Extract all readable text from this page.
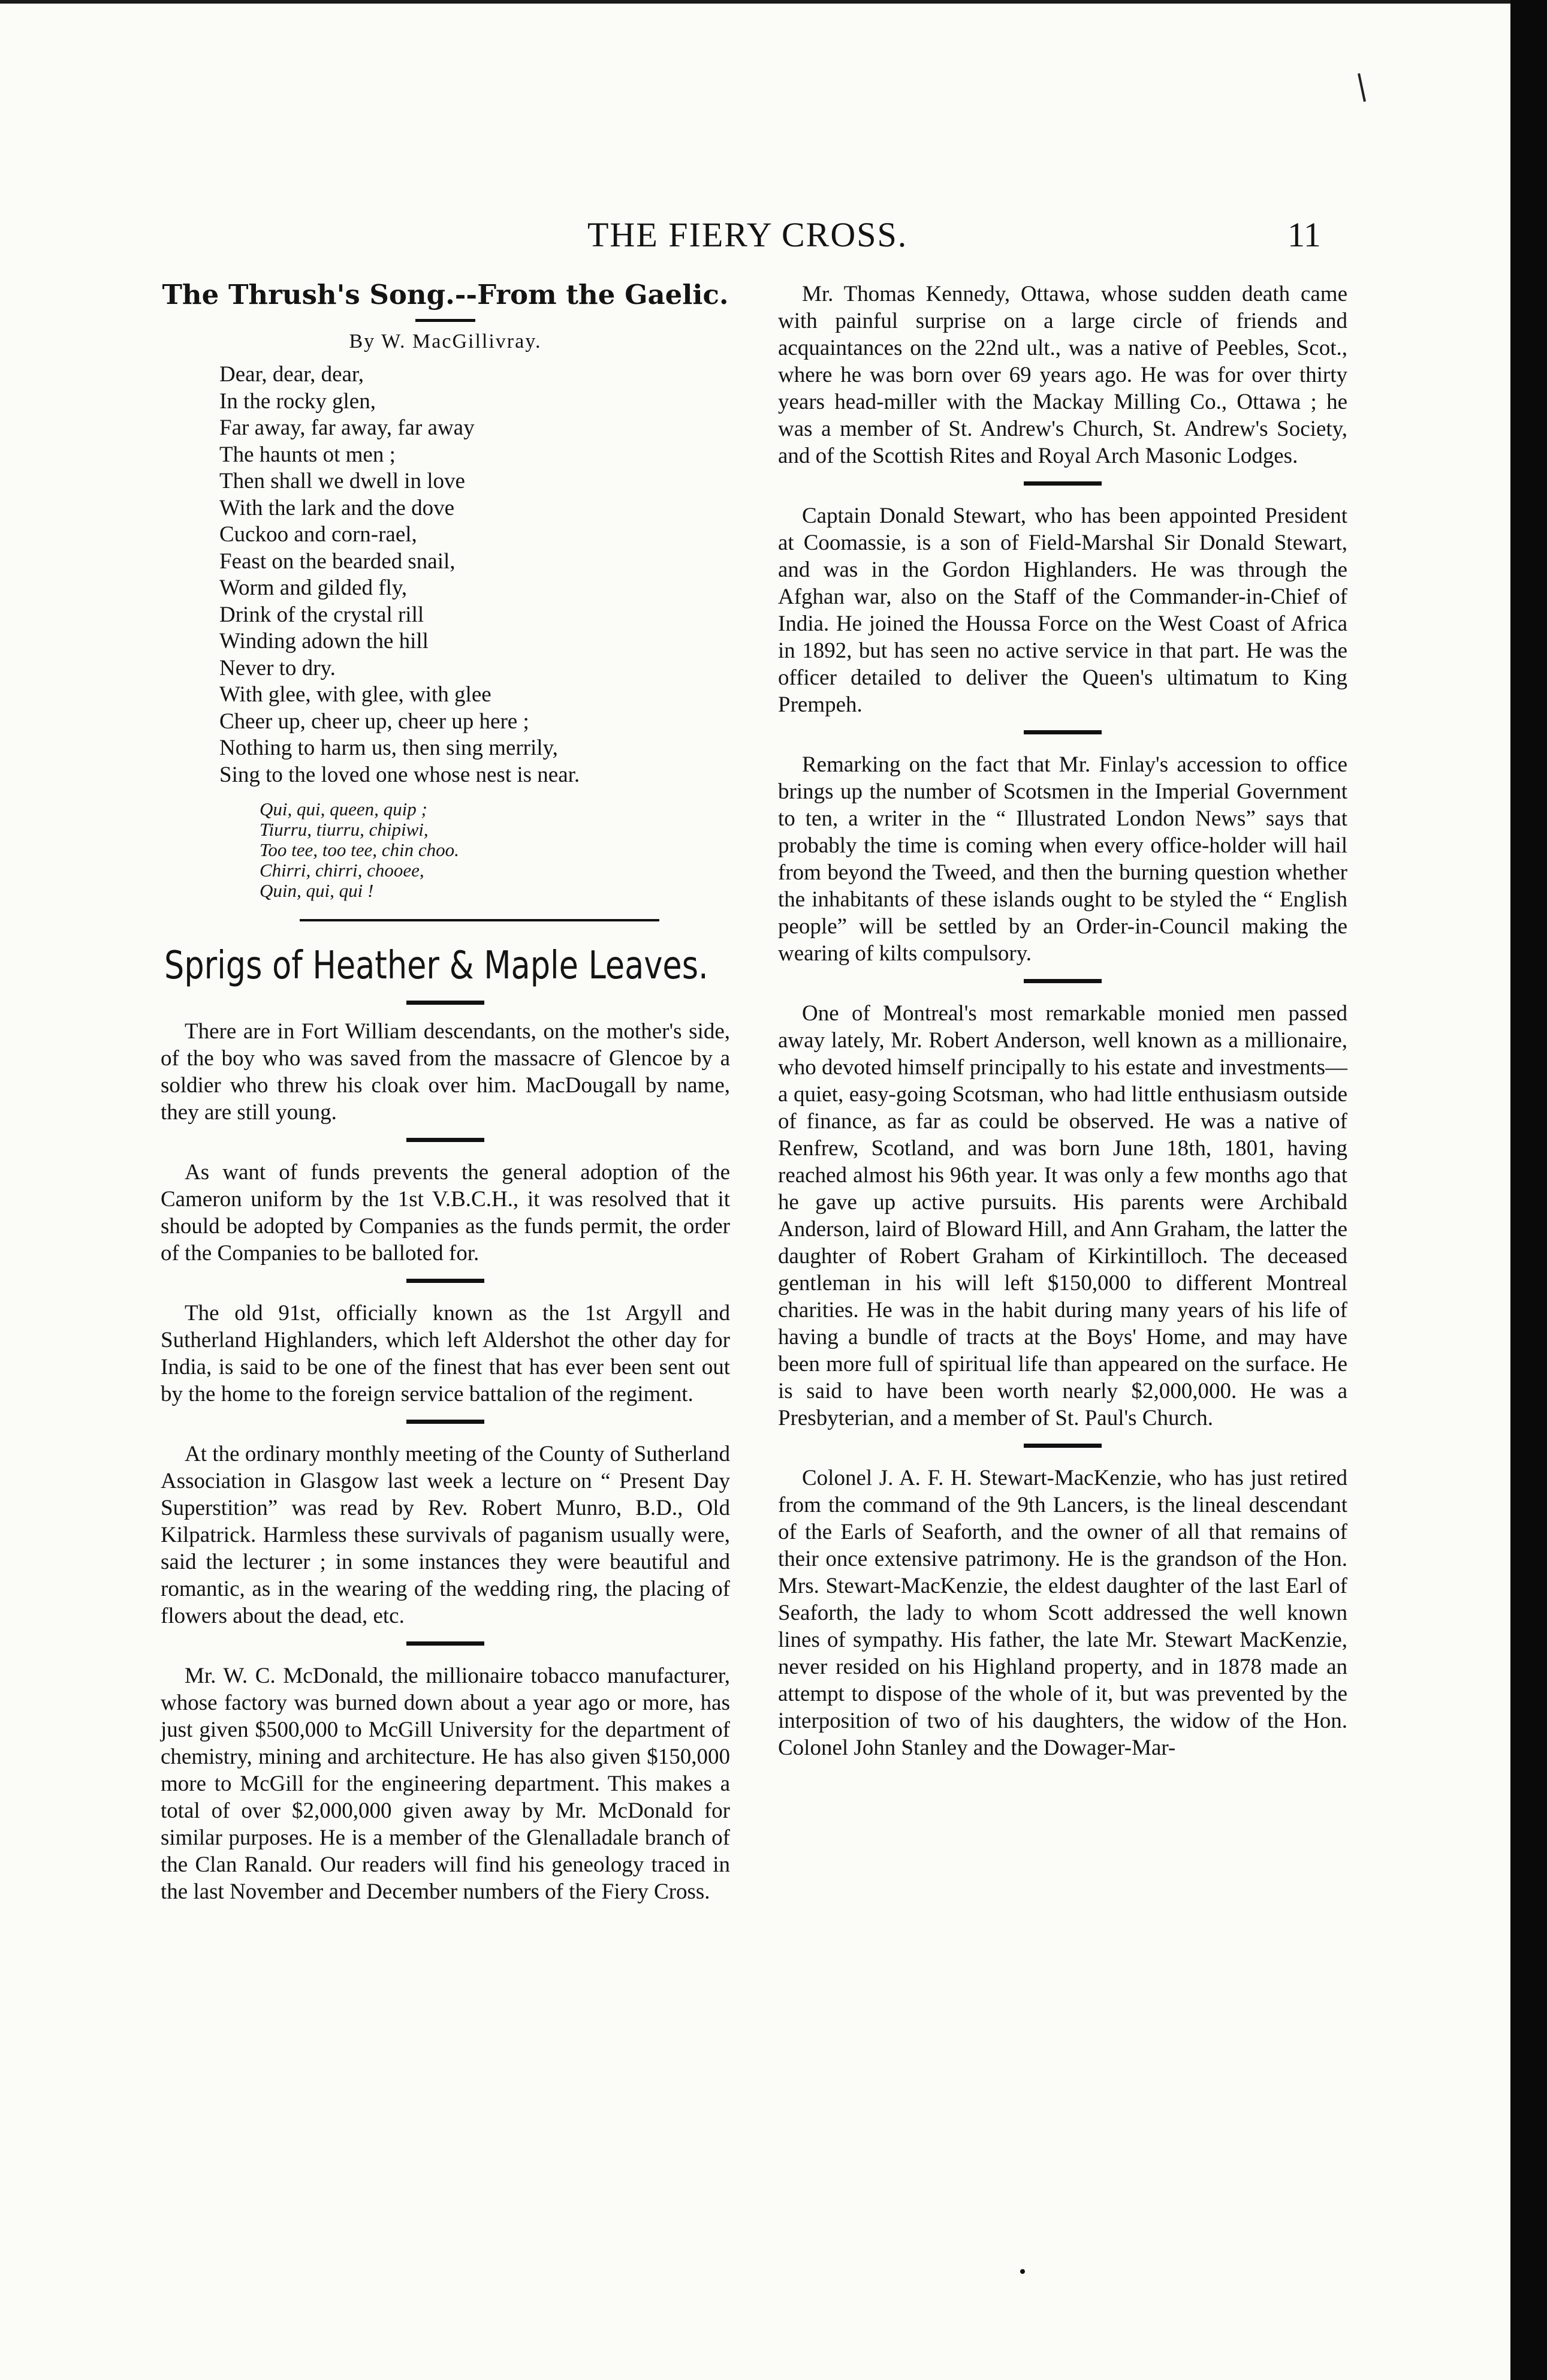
THE FIERY CROSS.	11
The Thrush's Song.--From the Gaelic.
By W. MacGillivray.
Dear, dear, dear,
In the rocky glen,
Far away, far away, far away
The haunts ot men ;
Then shall we dwell in love
With the lark and the dove
Cuckoo and corn-rael,
Feast on the bearded snail,
Worm and gilded fly,
Drink of the crystal rill
Winding adown the hill
Never to dry.
With glee, with glee, with glee
Cheer up, cheer up, cheer up here ;
Nothing to harm us, then sing merrily,
Sing to the loved one whose nest is near.
Qui, qui, queen, quip ;
Tiurru, tiurru, chipiwi,
Too tee, too tee, chin choo.
Chirri, chirri, chooee,
Quin, qui, qui !
Sprigs of Heather & Maple Leaves.

There are in Fort William descendants, on the mother's side, of the boy who was saved from the massacre of Glencoe by a soldier who threw his cloak over him. MacDougall by name, they are still young.

As want of funds prevents the general adoption of the Cameron uniform by the 1st V.B.C.H., it was resolved that it should be adopted by Companies as the funds permit, the order of the Companies to be balloted for.

The old 91st, officially known as the 1st Argyll and Sutherland Highlanders, which left Aldershot the other day for India, is said to be one of the finest that has ever been sent out by the home to the foreign service battalion of the regiment.

At the ordinary monthly meeting of the County of Sutherland Association in Glasgow last week a lecture on “ Present Day Superstition” was read by Rev. Robert Munro, B.D., Old Kilpatrick. Harmless these survivals of paganism usually were, said the lecturer ; in some instances they were beautiful and romantic, as in the wearing of the wedding ring, the placing of flowers about the dead, etc.

Mr. W. C. McDonald, the millionaire tobacco manufacturer, whose factory was burned down about a year ago or more, has just given $500,000 to McGill University for the department of chemistry, mining and architecture. He has also given $150,000 more to McGill for the engineering department. This makes a total of over $2,000,000 given away by Mr. McDonald for similar purposes. He is a member of the Glenalladale branch of the Clan Ranald. Our readers will find his geneology traced in the last November and December numbers of the Fiery Cross.

Mr. Thomas Kennedy, Ottawa, whose sudden death came with painful surprise on a large circle of friends and acquaintances on the 22nd ult., was a native of Peebles, Scot., where he was born over 69 years ago. He was for over thirty years head-miller with the Mackay Milling Co., Ottawa ; he was a member of St. Andrew's Church, St. Andrew's Society, and of the Scottish Rites and Royal Arch Masonic Lodges.

Captain Donald Stewart, who has been appointed President at Coomassie, is a son of Field-Marshal Sir Donald Stewart, and was in the Gordon Highlanders. He was through the Afghan war, also on the Staff of the Commander-in-Chief of India. He joined the Houssa Force on the West Coast of Africa in 1892, but has seen no active service in that part. He was the officer detailed to deliver the Queen's ultimatum to King Prempeh.

Remarking on the fact that Mr. Finlay's accession to office brings up the number of Scotsmen in the Imperial Government to ten, a writer in the “ Illustrated London News” says that probably the time is coming when every office-holder will hail from beyond the Tweed, and then the burning question whether the inhabitants of these islands ought to be styled the “ English people” will be settled by an Order-in-Council making the wearing of kilts compulsory.

One of Montreal's most remarkable monied men passed away lately, Mr. Robert Anderson, well known as a millionaire, who devoted himself principally to his estate and investments—a quiet, easy-going Scotsman, who had little enthusiasm outside of finance, as far as could be observed. He was a native of Renfrew, Scotland, and was born June 18th, 1801, having reached almost his 96th year. It was only a few months ago that he gave up active pursuits. His parents were Archibald Anderson, laird of Bloward Hill, and Ann Graham, the latter the daughter of Robert Graham of Kirkintilloch. The deceased gentleman in his will left $150,000 to different Montreal charities. He was in the habit during many years of his life of having a bundle of tracts at the Boys' Home, and may have been more full of spiritual life than appeared on the surface. He is said to have been worth nearly $2,000,000. He was a Presbyterian, and a member of St. Paul's Church.

Colonel J. A. F. H. Stewart-MacKenzie, who has just retired from the command of the 9th Lancers, is the lineal descendant of the Earls of Seaforth, and the owner of all that remains of their once extensive patrimony. He is the grandson of the Hon. Mrs. Stewart-MacKenzie, the eldest daughter of the last Earl of Seaforth, the lady to whom Scott addressed the well known lines of sympathy. His father, the late Mr. Stewart MacKenzie, never resided on his Highland property, and in 1878 made an attempt to dispose of the whole of it, but was prevented by the interposition of two of his daughters, the widow of the Hon. Colonel John Stanley and the Dowager-Mar-
